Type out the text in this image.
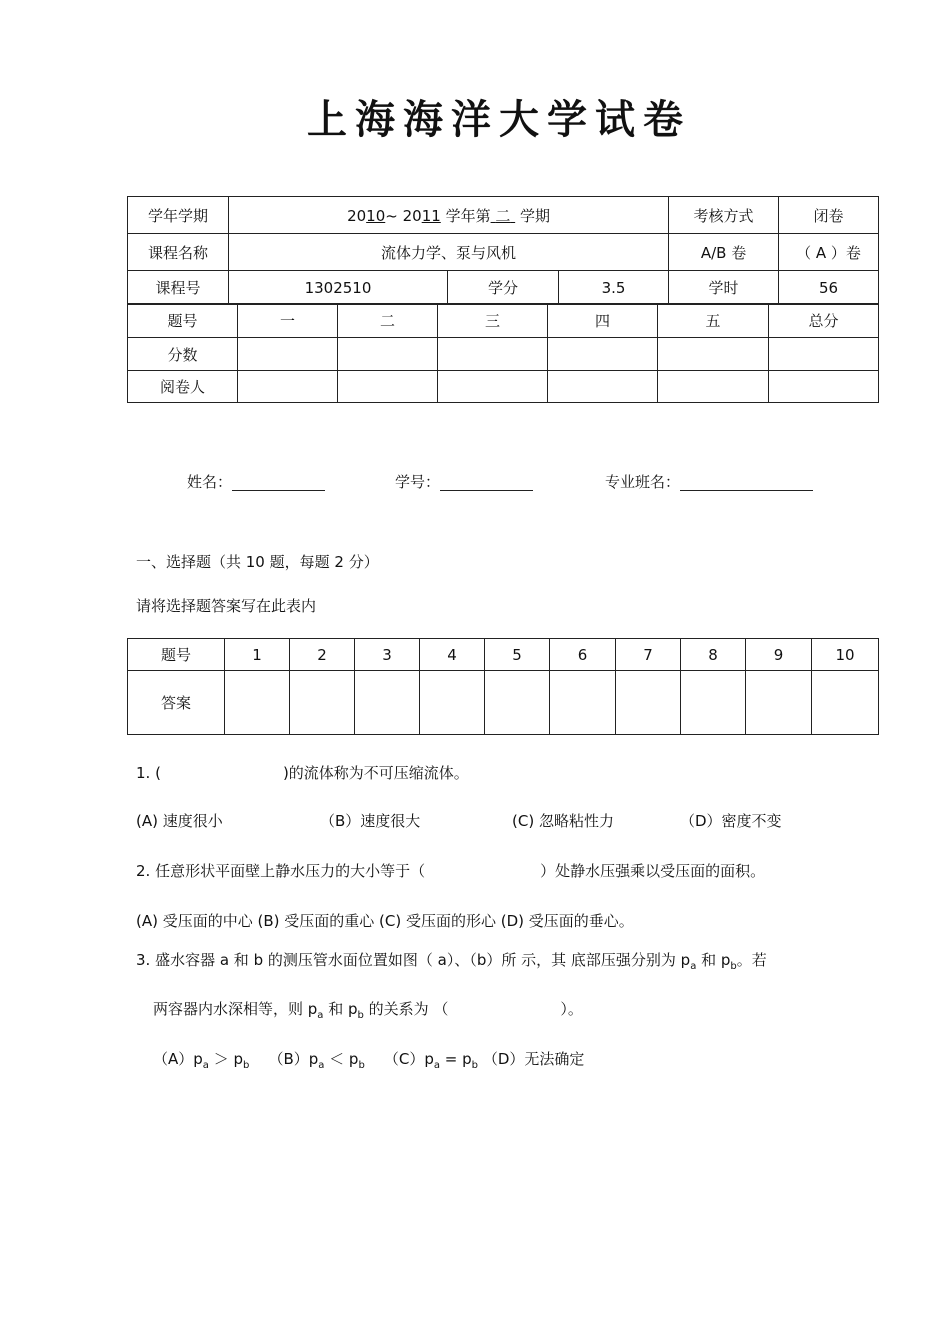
上海海洋大学试卷
学年学期	2010~ 2011 学年第 二 学期			考核方式	闭卷
课程名称	流体力学、泵与风机			A/B 卷	（ A ）卷
课程号	1302510	学分	3.5	学时	56
题号	一	二	三	四	五	总分
分数						
阅卷人						
姓名：	学号：	专业班名：
一、选择题（共 10 题，每题 2 分）
请将选择题答案写在此表内
题号	1	2	3	4	5	6	7	8	9	10
答案										
1. (	)的流体称为不可压缩流体。
(A) 速度很小	（B）速度很大	(C) 忽略粘性力	（D）密度不变
2. 任意形状平面壁上静水压力的大小等于（	）处静水压强乘以受压面的面积。
(A) 受压面的中心 (B) 受压面的重心 (C) 受压面的形心 (D) 受压面的垂心。
3. 盛水容器 a 和 b 的测压管水面位置如图（ a）、（b）所 示，其 底部压强分别为 $p_a$ 和 $p_b$。若
两容器内水深相等，则 $p_a$ 和 $p_b$ 的关系为 （	）。
$(A)p_a > p_b$ $(B)p_a < p_b$ $(C)p_a = p_b$ （D）无法确定
